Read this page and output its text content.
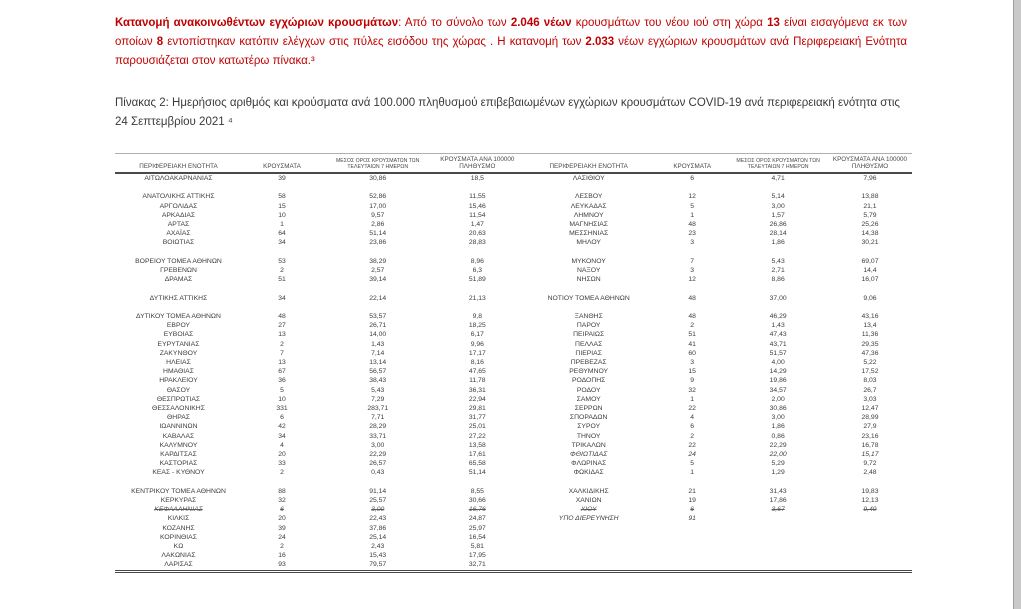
Κατανομή ανακοινωθέντων εγχώριων κρουσμάτων: Από το σύνολο των 2.046 νέων κρουσμάτων του νέου ιού στη χώρα 13 είναι εισαγόμενα εκ των οποίων 8 εντοπίστηκαν κατόπιν ελέγχων στις πύλες εισόδου της χώρας . Η κατανομή των 2.033 νέων εγχώριων κρουσμάτων ανά Περιφερειακή Ενότητα παρουσιάζεται στον κατωτέρω πίνακα.³

Πίνακας 2: Ημερήσιος αριθμός και κρούσματα ανά 100.000 πληθυσμού επιβεβαιωμένων εγχώριων κρουσμάτων COVID-19 ανά περιφερειακή ενότητα στις 24 Σεπτεμβρίου 2021 ⁴

ΠΕΡΙΦΕΡΕΙΑΚΗ ΕΝΟΤΗΤΑ	ΚΡΟΥΣΜΑΤΑ	ΜΕΣΟΣ ΟΡΟΣ ΚΡΟΥΣΜΑΤΩΝ ΤΩΝ ΤΕΛΕΥΤΑΙΩΝ 7 ΗΜΕΡΩΝ	ΚΡΟΥΣΜΑΤΑ ΑΝΑ 100000 ΠΛΗΘΥΣΜΟ	ΠΕΡΙΦΕΡΕΙΑΚΗ ΕΝΟΤΗΤΑ	ΚΡΟΥΣΜΑΤΑ	ΜΕΣΟΣ ΟΡΟΣ ΚΡΟΥΣΜΑΤΩΝ ΤΩΝ ΤΕΛΕΥΤΑΙΩΝ 7 ΗΜΕΡΩΝ	ΚΡΟΥΣΜΑΤΑ ΑΝΑ 100000 ΠΛΗΘΥΣΜΟ
ΑΙΤΩΛΟΑΚΑΡΝΑΝΙΑΣ	39	30,86	18,5	ΛΑΣΙΘΙΟΥ	6	4,71	7,96

ΑΝΑΤΟΛΙΚΗΣ ΑΤΤΙΚΗΣ	58	52,86	11,55	ΛΕΣΒΟΥ	12	5,14	13,88
ΑΡΓΟΛΙΔΑΣ	15	17,00	15,46	ΛΕΥΚΑΔΑΣ	5	3,00	21,1
ΑΡΚΑΔΙΑΣ	10	9,57	11,54	ΛΗΜΝΟΥ	1	1,57	5,79
ΑΡΤΑΣ	1	2,86	1,47	ΜΑΓΝΗΣΙΑΣ	48	26,86	25,26
ΑΧΑΪΑΣ	64	51,14	20,63	ΜΕΣΣΗΝΙΑΣ	23	28,14	14,38
ΒΟΙΩΤΙΑΣ	34	23,86	28,83	ΜΗΛΟΥ	3	1,86	30,21

ΒΟΡΕΙΟΥ ΤΟΜΕΑ ΑΘΗΝΩΝ	53	38,29	8,96	ΜΥΚΟΝΟΥ	7	5,43	69,07
ΓΡΕΒΕΝΩΝ	2	2,57	6,3	ΝΑΞΟΥ	3	2,71	14,4
ΔΡΑΜΑΣ	51	39,14	51,89	ΝΗΣΩΝ	12	8,86	16,07

ΔΥΤΙΚΗΣ ΑΤΤΙΚΗΣ	34	22,14	21,13	ΝΟΤΙΟΥ ΤΟΜΕΑ ΑΘΗΝΩΝ	48	37,00	9,06

ΔΥΤΙΚΟΥ ΤΟΜΕΑ ΑΘΗΝΩΝ	48	53,57	9,8	ΞΑΝΘΗΣ	48	46,29	43,16
ΕΒΡΟΥ	27	26,71	18,25	ΠΑΡΟΥ	2	1,43	13,4
ΕΥΒΟΙΑΣ	13	14,00	6,17	ΠΕΙΡΑΙΩΣ	51	47,43	11,36
ΕΥΡΥΤΑΝΙΑΣ	2	1,43	9,96	ΠΕΛΛΑΣ	41	43,71	29,35
ΖΑΚΥΝΘΟΥ	7	7,14	17,17	ΠΙΕΡΙΑΣ	60	51,57	47,36
ΗΛΕΙΑΣ	13	13,14	8,16	ΠΡΕΒΕΖΑΣ	3	4,00	5,22
ΗΜΑΘΙΑΣ	67	56,57	47,65	ΡΕΘΥΜΝΟΥ	15	14,29	17,52
ΗΡΑΚΛΕΙΟΥ	36	38,43	11,78	ΡΟΔΟΠΗΣ	9	19,86	8,03
ΘΑΣΟΥ	5	5,43	36,31	ΡΟΔΟΥ	32	34,57	26,7
ΘΕΣΠΡΩΤΙΑΣ	10	7,29	22,94	ΣΑΜΟΥ	1	2,00	3,03
ΘΕΣΣΑΛΟΝΙΚΗΣ	331	283,71	29,81	ΣΕΡΡΩΝ	22	30,86	12,47
ΘΗΡΑΣ	6	7,71	31,77	ΣΠΟΡΑΔΩΝ	4	3,00	28,99
ΙΩΑΝΝΙΝΩΝ	42	28,29	25,01	ΣΥΡΟΥ	6	1,86	27,9
ΚΑΒΑΛΑΣ	34	33,71	27,22	ΤΗΝΟΥ	2	0,86	23,16
ΚΑΛΥΜΝΟΥ	4	3,00	13,58	ΤΡΙΚΑΛΩΝ	22	22,29	16,78
ΚΑΡΔΙΤΣΑΣ	20	22,29	17,61	ΦΘΙΩΤΙΔΑΣ	24	22,00	15,17
ΚΑΣΤΟΡΙΑΣ	33	26,57	65,58	ΦΛΩΡΙΝΑΣ	5	5,29	9,72
ΚΕΑΣ - ΚΥΘΝΟΥ	2	0,43	51,14	ΦΩΚΙΔΑΣ	1	1,29	2,48

ΚΕΝΤΡΙΚΟΥ ΤΟΜΕΑ ΑΘΗΝΩΝ	88	91,14	8,55	ΧΑΛΚΙΔΙΚΗΣ	21	31,43	19,83
ΚΕΡΚΥΡΑΣ	32	25,57	30,66	ΧΑΝΙΩΝ	19	17,86	12,13
ΚΕΦΑΛΛΗΝΙΑΣ	6	3,00	16,76	ΧΙΟΥ	6	3,67	9,49
ΚΙΛΚΙΣ	20	22,43	24,87	ΥΠΟ ΔΙΕΡΕΥΝΗΣΗ	91		
ΚΟΖΑΝΗΣ	39	37,86	25,97				
ΚΟΡΙΝΘΙΑΣ	24	25,14	16,54				
ΚΩ	2	2,43	5,81				
ΛΑΚΩΝΙΑΣ	16	15,43	17,95				
ΛΑΡΙΣΑΣ	93	79,57	32,71				
